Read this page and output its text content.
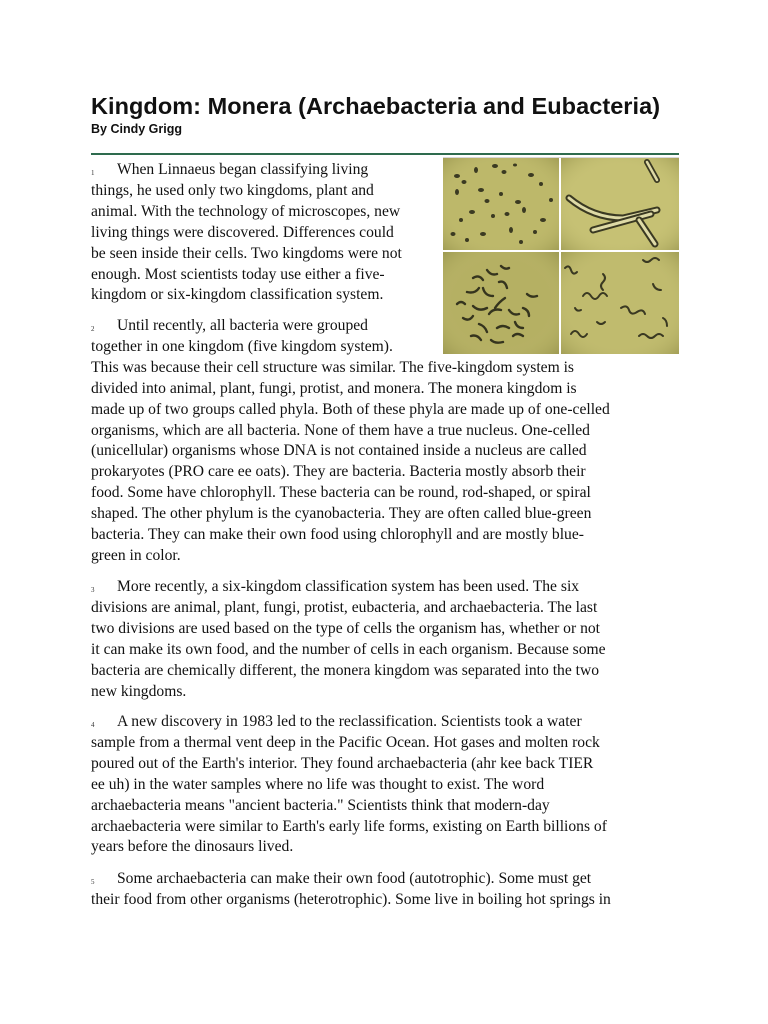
Kingdom: Monera (Archaebacteria and Eubacteria)
By Cindy Grigg
1 When Linnaeus began classifying living
things, he used only two kingdoms, plant and
animal. With the technology of microscopes, new
living things were discovered. Differences could
be seen inside their cells. Two kingdoms were not
enough. Most scientists today use either a five-
kingdom or six-kingdom classification system.
2 Until recently, all bacteria were grouped
together in one kingdom (five kingdom system).
This was because their cell structure was similar. The five-kingdom system is
divided into animal, plant, fungi, protist, and monera. The monera kingdom is
made up of two groups called phyla. Both of these phyla are made up of one-celled
organisms, which are all bacteria. None of them have a true nucleus. One-celled
(unicellular) organisms whose DNA is not contained inside a nucleus are called
prokaryotes (PRO care ee oats). They are bacteria. Bacteria mostly absorb their
food. Some have chlorophyll. These bacteria can be round, rod-shaped, or spiral
shaped. The other phylum is the cyanobacteria. They are often called blue-green
bacteria. They can make their own food using chlorophyll and are mostly blue-
green in color.
3 More recently, a six-kingdom classification system has been used. The six
divisions are animal, plant, fungi, protist, eubacteria, and archaebacteria. The last
two divisions are used based on the type of cells the organism has, whether or not
it can make its own food, and the number of cells in each organism. Because some
bacteria are chemically different, the monera kingdom was separated into the two
new kingdoms.
4 A new discovery in 1983 led to the reclassification. Scientists took a water
sample from a thermal vent deep in the Pacific Ocean. Hot gases and molten rock
poured out of the Earth's interior. They found archaebacteria (ahr kee back TIER
ee uh) in the water samples where no life was thought to exist. The word
archaebacteria means "ancient bacteria." Scientists think that modern-day
archaebacteria were similar to Earth's early life forms, existing on Earth billions of
years before the dinosaurs lived.
5 Some archaebacteria can make their own food (autotrophic). Some must get
their food from other organisms (heterotrophic). Some live in boiling hot springs in
